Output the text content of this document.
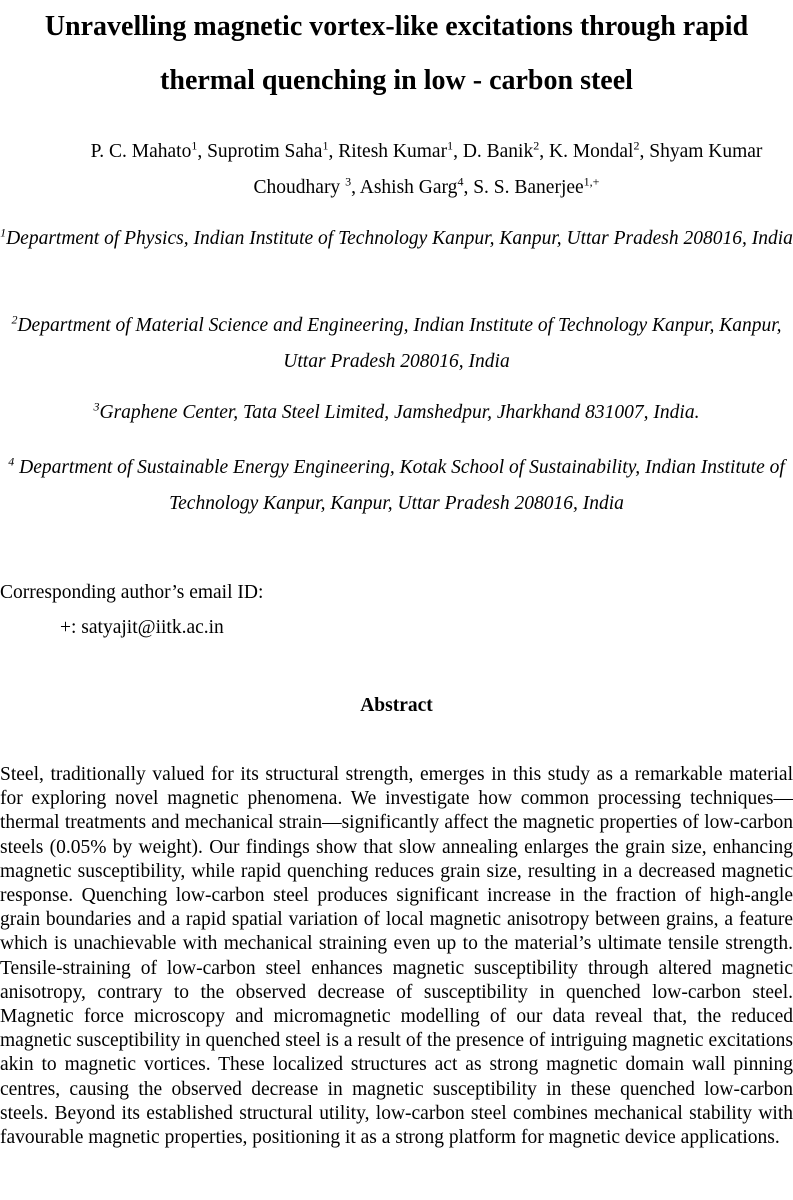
Unravelling magnetic vortex-like excitations through rapid thermal quenching in low - carbon steel
P. C. Mahato$^1$, Suprotim Saha$^1$, Ritesh Kumar$^1$, D. Banik$^2$, K. Mondal$^2$, Shyam Kumar Choudhary $^3$, Ashish Garg$^4$, S. S. Banerjee$^{1,+}$
$^1$Department of Physics, Indian Institute of Technology Kanpur, Kanpur, Uttar Pradesh 208016, India
$^2$Department of Material Science and Engineering, Indian Institute of Technology Kanpur, Kanpur, Uttar Pradesh 208016, India
$^3$Graphene Center, Tata Steel Limited, Jamshedpur, Jharkhand 831007, India.
$^4$ Department of Sustainable Energy Engineering, Kotak School of Sustainability, Indian Institute of Technology Kanpur, Kanpur, Uttar Pradesh 208016, India
Corresponding author’s email ID:
+: satyajit@iitk.ac.in
Abstract

Steel, traditionally valued for its structural strength, emerges in this study as a remarkable material for exploring novel magnetic phenomena. We investigate how common processing techniques—thermal treatments and mechanical strain—significantly affect the magnetic properties of low-carbon steels (0.05% by weight). Our findings show that slow annealing enlarges the grain size, enhancing magnetic susceptibility, while rapid quenching reduces grain size, resulting in a decreased magnetic response. Quenching low-carbon steel produces significant increase in the fraction of high-angle grain boundaries and a rapid spatial variation of local magnetic anisotropy between grains, a feature which is unachievable with mechanical straining even up to the material’s ultimate tensile strength. Tensile-straining of low-carbon steel enhances magnetic susceptibility through altered magnetic anisotropy, contrary to the observed decrease of susceptibility in quenched low-carbon steel. Magnetic force microscopy and micromagnetic modelling of our data reveal that, the reduced magnetic susceptibility in quenched steel is a result of the presence of intriguing magnetic excitations akin to magnetic vortices. These localized structures act as strong magnetic domain wall pinning centres, causing the observed decrease in magnetic susceptibility in these quenched low-carbon steels. Beyond its established structural utility, low-carbon steel combines mechanical stability with favourable magnetic properties, positioning it as a strong platform for magnetic device applications.
